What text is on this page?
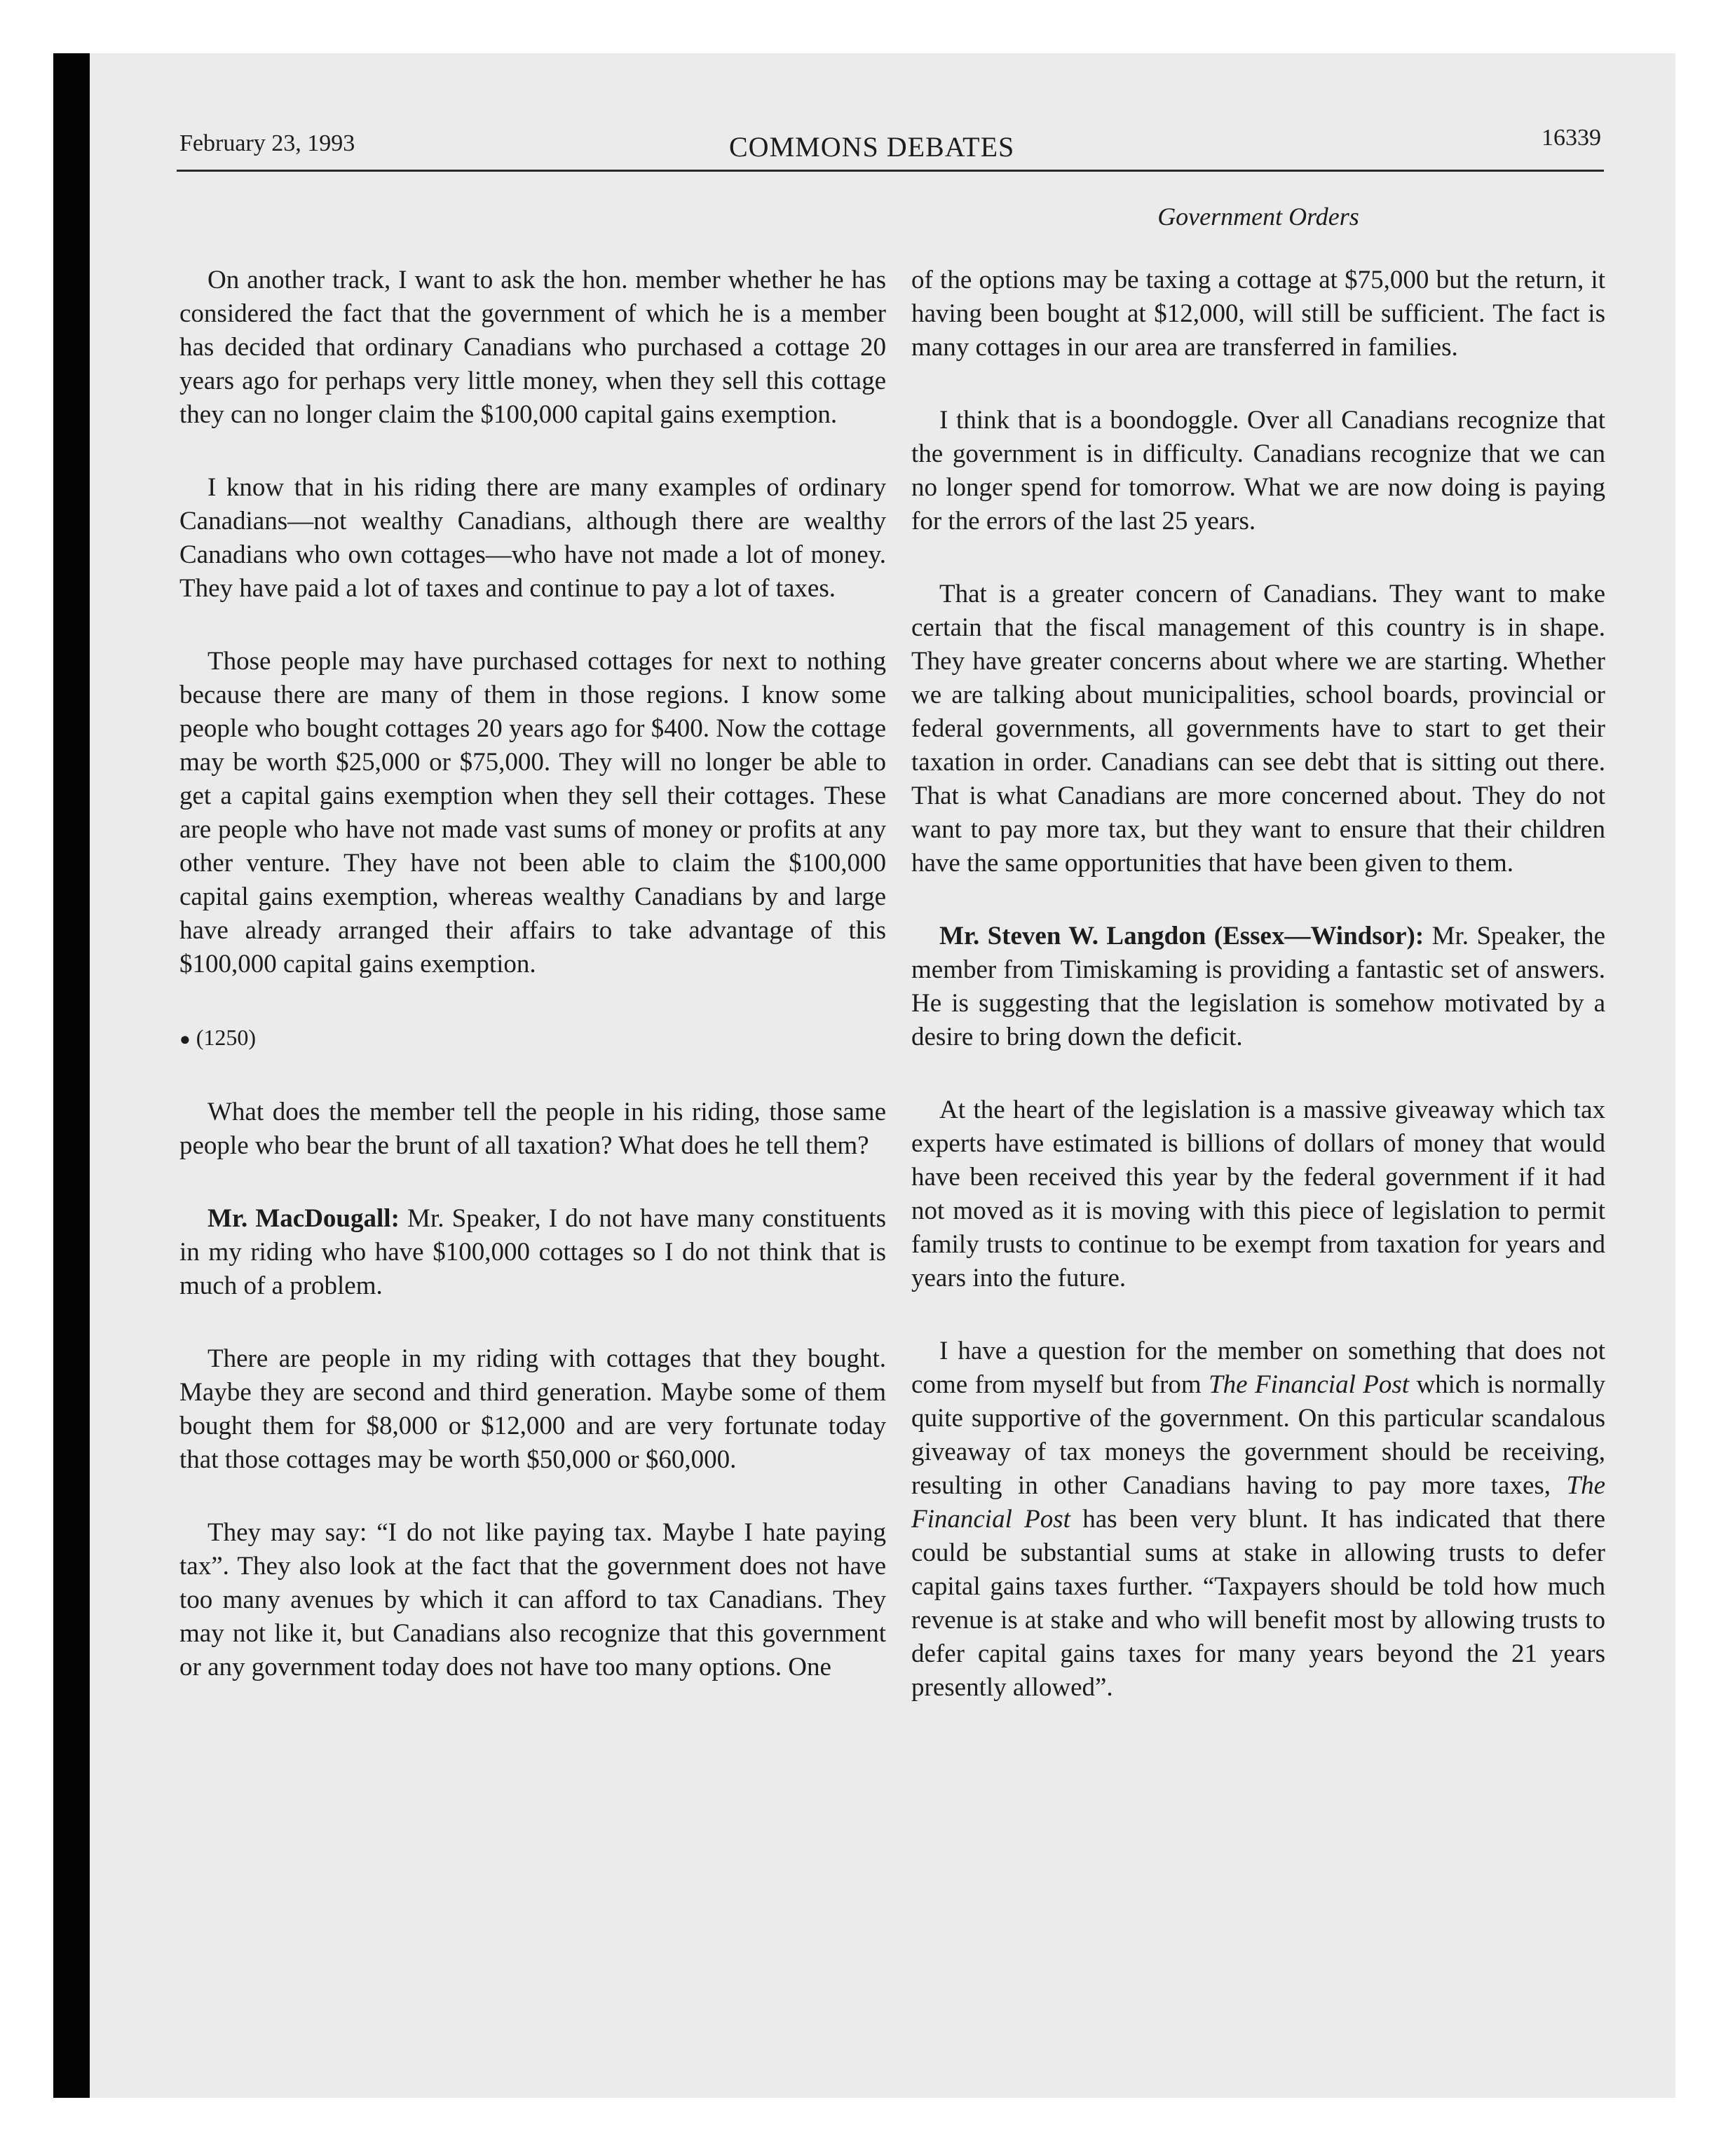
February 23, 1993	COMMONS DEBATES	16339
Government Orders

On another track, I want to ask the hon. member whether he has considered the fact that the government of which he is a member has decided that ordinary Canadians who purchased a cottage 20 years ago for perhaps very little money, when they sell this cottage they can no longer claim the $100,000 capital gains exemption.

I know that in his riding there are many examples of ordinary Canadians—not wealthy Canadians, although there are wealthy Canadians who own cottages—who have not made a lot of money. They have paid a lot of taxes and continue to pay a lot of taxes.

Those people may have purchased cottages for next to nothing because there are many of them in those regions. I know some people who bought cottages 20 years ago for $400. Now the cottage may be worth $25,000 or $75,000. They will no longer be able to get a capital gains exemption when they sell their cottages. These are people who have not made vast sums of money or profits at any other venture. They have not been able to claim the $100,000 capital gains exemption, whereas wealthy Canadians by and large have already arranged their affairs to take advantage of this $100,000 capital gains exemption.

● (1250)

What does the member tell the people in his riding, those same people who bear the brunt of all taxation? What does he tell them?

Mr. MacDougall: Mr. Speaker, I do not have many constituents in my riding who have $100,000 cottages so I do not think that is much of a problem.

There are people in my riding with cottages that they bought. Maybe they are second and third generation. Maybe some of them bought them for $8,000 or $12,000 and are very fortunate today that those cottages may be worth $50,000 or $60,000.

They may say: “I do not like paying tax. Maybe I hate paying tax”. They also look at the fact that the government does not have too many avenues by which it can afford to tax Canadians. They may not like it, but Canadians also recognize that this government or any government today does not have too many options. One

of the options may be taxing a cottage at $75,000 but the return, it having been bought at $12,000, will still be sufficient. The fact is many cottages in our area are transferred in families.

I think that is a boondoggle. Over all Canadians recognize that the government is in difficulty. Canadians recognize that we can no longer spend for tomorrow. What we are now doing is paying for the errors of the last 25 years.

That is a greater concern of Canadians. They want to make certain that the fiscal management of this country is in shape. They have greater concerns about where we are starting. Whether we are talking about municipalities, school boards, provincial or federal governments, all governments have to start to get their taxation in order. Canadians can see debt that is sitting out there. That is what Canadians are more concerned about. They do not want to pay more tax, but they want to ensure that their children have the same opportunities that have been given to them.

Mr. Steven W. Langdon (Essex—Windsor): Mr. Speaker, the member from Timiskaming is providing a fantastic set of answers. He is suggesting that the legislation is somehow motivated by a desire to bring down the deficit.

At the heart of the legislation is a massive giveaway which tax experts have estimated is billions of dollars of money that would have been received this year by the federal government if it had not moved as it is moving with this piece of legislation to permit family trusts to continue to be exempt from taxation for years and years into the future.

I have a question for the member on something that does not come from myself but from The Financial Post which is normally quite supportive of the government. On this particular scandalous giveaway of tax moneys the government should be receiving, resulting in other Canadians having to pay more taxes, The Financial Post has been very blunt. It has indicated that there could be substantial sums at stake in allowing trusts to defer capital gains taxes further. “Taxpayers should be told how much revenue is at stake and who will benefit most by allowing trusts to defer capital gains taxes for many years beyond the 21 years presently allowed”.
